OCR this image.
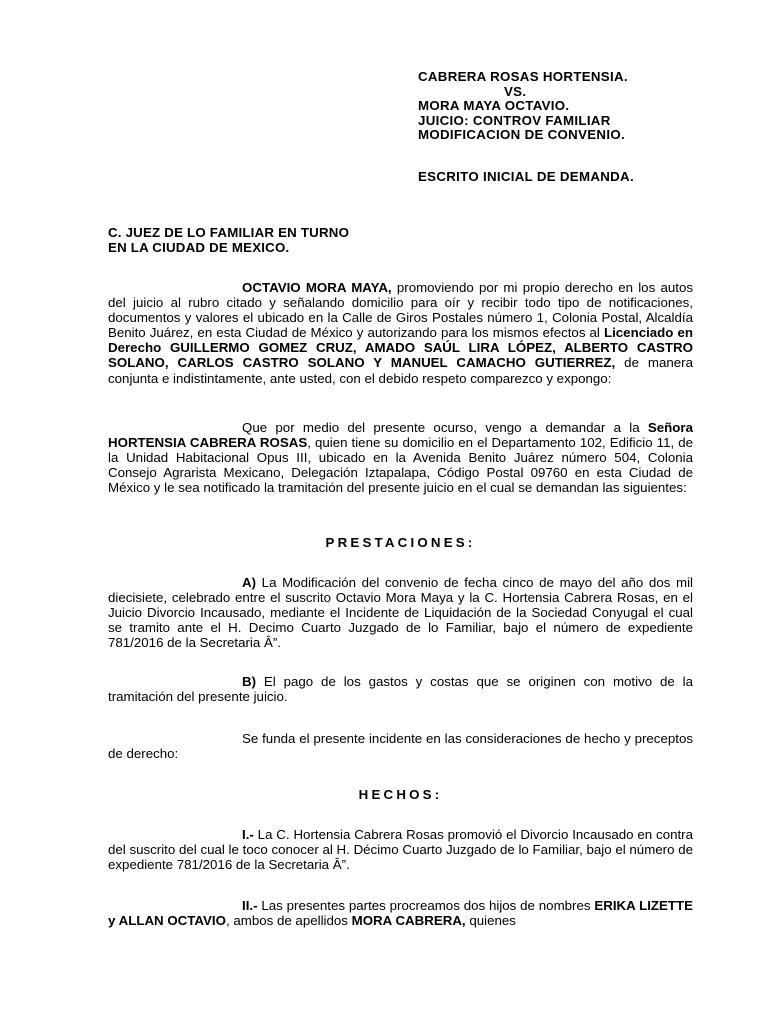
CABRERA ROSAS HORTENSIA.
VS.
MORA MAYA OCTAVIO.
JUICIO: CONTROV FAMILIAR
MODIFICACION DE CONVENIO.
ESCRITO INICIAL DE DEMANDA.
C. JUEZ DE LO FAMILIAR EN TURNO
EN LA CIUDAD DE MEXICO.

OCTAVIO MORA MAYA, promoviendo por mi propio derecho en los autos del juicio al rubro citado y señalando domicilio para oír y recibir todo tipo de notificaciones, documentos y valores el ubicado en la Calle de Giros Postales número 1, Colonia Postal, Alcaldía Benito Juárez, en esta Ciudad de México y autorizando para los mismos efectos al Licenciado en Derecho GUILLERMO GOMEZ CRUZ, AMADO SAÚL LIRA LÓPEZ, ALBERTO CASTRO SOLANO, CARLOS CASTRO SOLANO Y MANUEL CAMACHO GUTIERREZ, de manera conjunta e indistintamente, ante usted, con el debido respeto comparezco y expongo:

Que por medio del presente ocurso, vengo a demandar a la Señora HORTENSIA CABRERA ROSAS, quien tiene su domicilio en el Departamento 102, Edificio 11, de la Unidad Habitacional Opus III, ubicado en la Avenida Benito Juárez número 504, Colonia Consejo Agrarista Mexicano, Delegación Iztapalapa, Código Postal 09760 en esta Ciudad de México y le sea notificado la tramitación del presente juicio en el cual se demandan las siguientes:

PRESTACIONES:

A) La Modificación del convenio de fecha cinco de mayo del año dos mil diecisiete, celebrado entre el suscrito Octavio Mora Maya y la C. Hortensia Cabrera Rosas, en el Juicio Divorcio Incausado, mediante el Incidente de Liquidación de la Sociedad Conyugal el cual se tramito ante el H. Decimo Cuarto Juzgado de lo Familiar, bajo el número de expediente 781/2016 de la Secretaria Â”.

B) El pago de los gastos y costas que se originen con motivo de la tramitación del presente juicio.

Se funda el presente incidente en las consideraciones de hecho y preceptos de derecho:

HECHOS:

I.- La C. Hortensia Cabrera Rosas promovió el Divorcio Incausado en contra del suscrito del cual le toco conocer al H. Décimo Cuarto Juzgado de lo Familiar, bajo el número de expediente 781/2016 de la Secretaria Â”.

II.- Las presentes partes procreamos dos hijos de nombres ERIKA LIZETTE y ALLAN OCTAVIO, ambos de apellidos MORA CABRERA, quienes
